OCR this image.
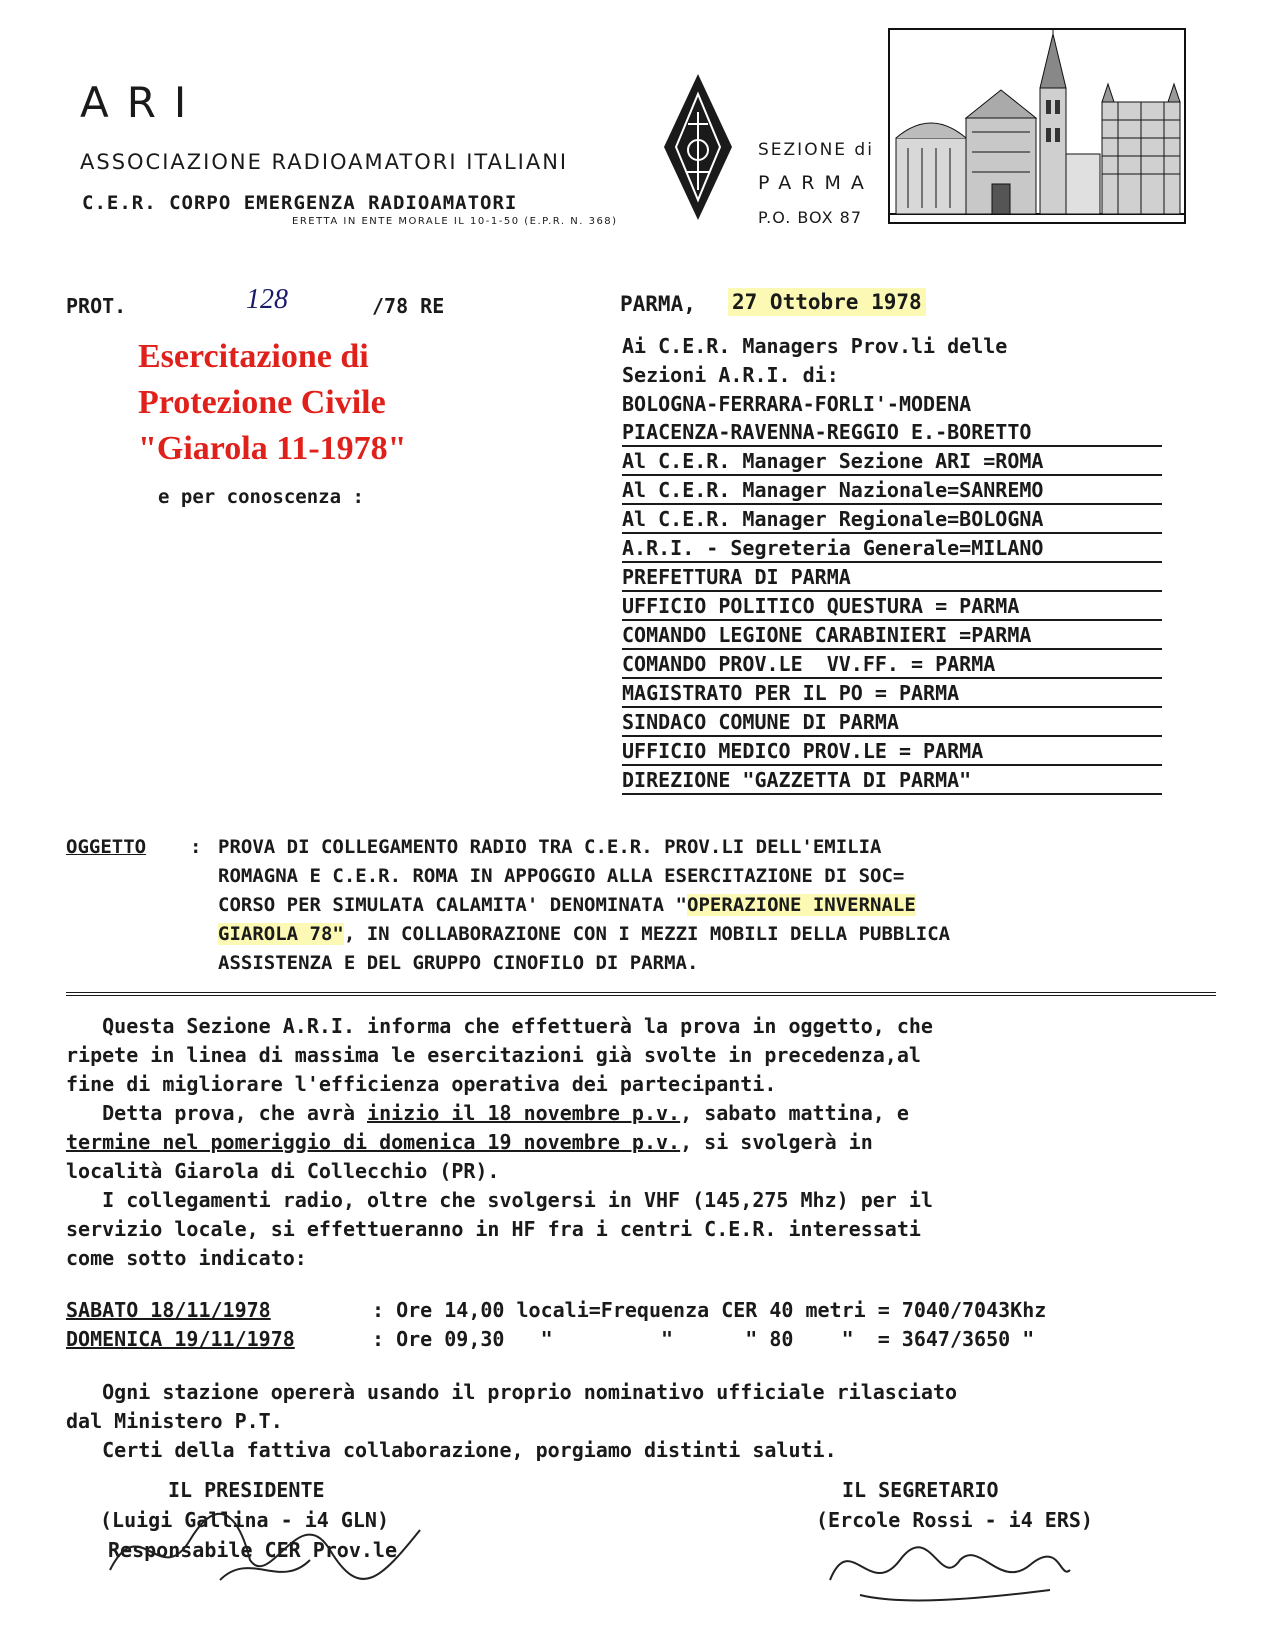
ARI
ASSOCIAZIONE RADIOAMATORI ITALIANI
C.E.R. CORPO EMERGENZA RADIOAMATORI
ERETTA IN ENTE MORALE IL 10-1-50 (E.P.R. N. 368)
SEZIONE di
PARMA
P.O. BOX 87
PROT.	128	/78 RE	PARMA, 27 Ottobre 1978
Esercitazione di
Protezione Civile
"Giarola 11-1978"
e per conoscenza :
Ai C.E.R. Managers Prov.li delle
Sezioni A.R.I. di:
BOLOGNA-FERRARA-FORLI'-MODENA
PIACENZA-RAVENNA-REGGIO E.-BORETTO
Al C.E.R. Manager Sezione ARI =ROMA
Al C.E.R. Manager Nazionale=SANREMO
Al C.E.R. Manager Regionale=BOLOGNA
A.R.I. - Segreteria Generale=MILANO
PREFETTURA DI PARMA
UFFICIO POLITICO QUESTURA = PARMA
COMANDO LEGIONE CARABINIERI =PARMA
COMANDO PROV.LE  VV.FF. = PARMA
MAGISTRATO PER IL PO = PARMA
SINDACO COMUNE DI PARMA
UFFICIO MEDICO PROV.LE = PARMA
DIREZIONE "GAZZETTA DI PARMA"
OGGETTO : PROVA DI COLLEGAMENTO RADIO TRA C.E.R. PROV.LI DELL'EMILIA
ROMAGNA E C.E.R. ROMA IN APPOGGIO ALLA ESERCITAZIONE DI SOC=
CORSO PER SIMULATA CALAMITA' DENOMINATA "OPERAZIONE INVERNALE
GIAROLA 78", IN COLLABORAZIONE CON I MEZZI MOBILI DELLA PUBBLICA
ASSISTENZA E DEL GRUPPO CINOFILO DI PARMA.
Questa Sezione A.R.I. informa che effettuerà la prova in oggetto, che
ripete in linea di massima le esercitazioni già svolte in precedenza,al
fine di migliorare l'efficienza operativa dei partecipanti.
Detta prova, che avrà inizio il 18 novembre p.v., sabato mattina, e
termine nel pomeriggio di domenica 19 novembre p.v., si svolgerà in
località Giarola di Collecchio (PR).
I collegamenti radio, oltre che svolgersi in VHF (145,275 Mhz) per il
servizio locale, si effettueranno in HF fra i centri C.E.R. interessati
come sotto indicato:
SABATO 18/11/1978	: Ore 14,00 locali=Frequenza CER 40 metri = 7040/7043Khz
DOMENICA 19/11/1978	: Ore 09,30   "         "      " 80    "  = 3647/3650 "
Ogni stazione opererà usando il proprio nominativo ufficiale rilasciato
dal Ministero P.T.
Certi della fattiva collaborazione, porgiamo distinti saluti.
IL PRESIDENTE
(Luigi Gallina - i4 GLN)
Responsabile CER Prov.le
IL SEGRETARIO
(Ercole Rossi - i4 ERS)
